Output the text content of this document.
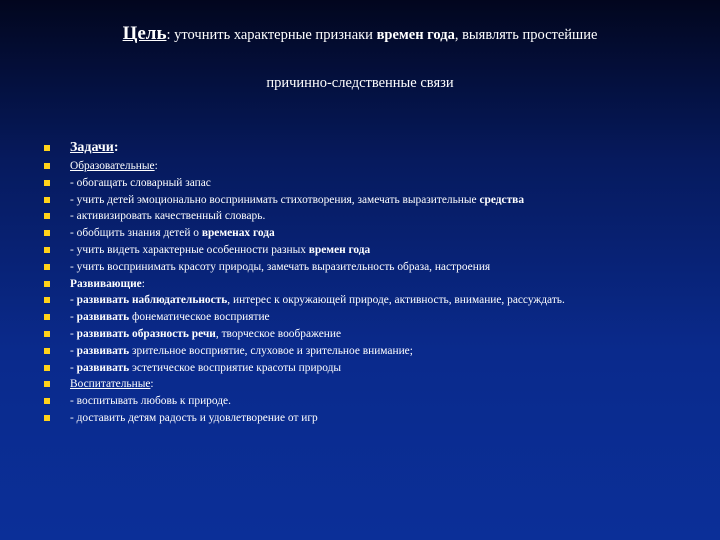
Цель: уточнить характерные признаки времен года, выявлять простейшие
причинно-следственные связи
Задачи:
Образовательные:
- обогащать словарный запас
- учить детей эмоционально воспринимать стихотворения, замечать выразительные средства
- активизировать качественный словарь.
- обобщить знания детей о временах года
- учить видеть характерные особенности разных времен года
- учить воспринимать красоту природы, замечать выразительность образа, настроения
Развивающие:
- развивать наблюдательность, интерес к окружающей природе, активность, внимание, рассуждать.
- развивать фонематическое восприятие
- развивать образность речи, творческое воображение
- развивать зрительное восприятие, слуховое и зрительное внимание;
- развивать эстетическое восприятие красоты природы
Воспитательные:
- воспитывать любовь к природе.
- доставить детям радость и удовлетворение от игр
